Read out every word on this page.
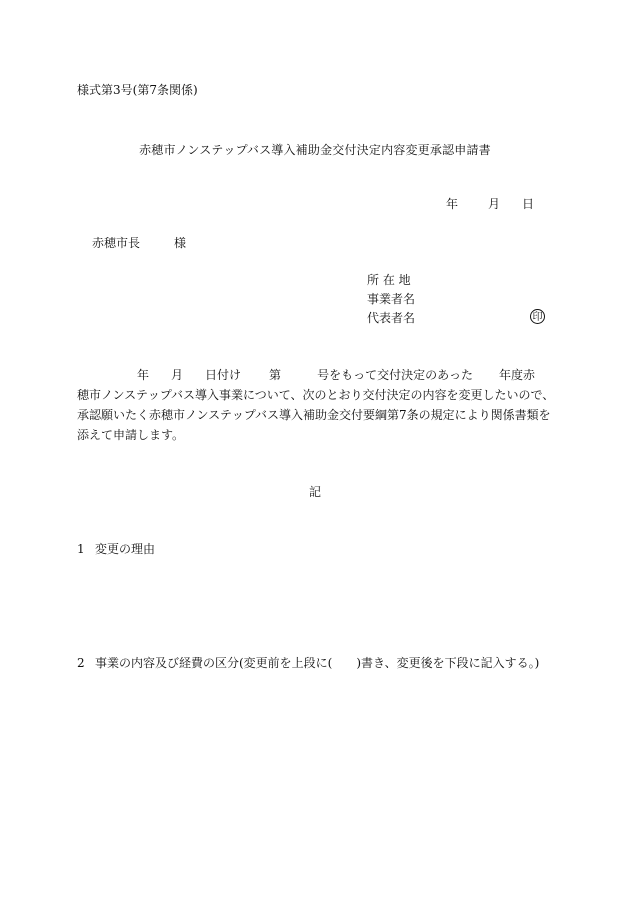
様式第3号(第7条関係)
赤穂市ノンステップバス導入補助金交付決定内容変更承認申請書
年	月 日
赤穂市長	様
所 在 地
事業者名
代表者名	印
年 月 日付け 第	号をもって交付決定のあった 年度赤
穂市ノンステップバス導入事業について、次のとおり交付決定の内容を変更したいので、
承認願いたく赤穂市ノンステップバス導入補助金交付要綱第7条の規定により関係書類を
添えて申請します。
記
1 変更の理由
2 事業の内容及び経費の区分(変更前を上段に(　　)書き、変更後を下段に記入する。)
